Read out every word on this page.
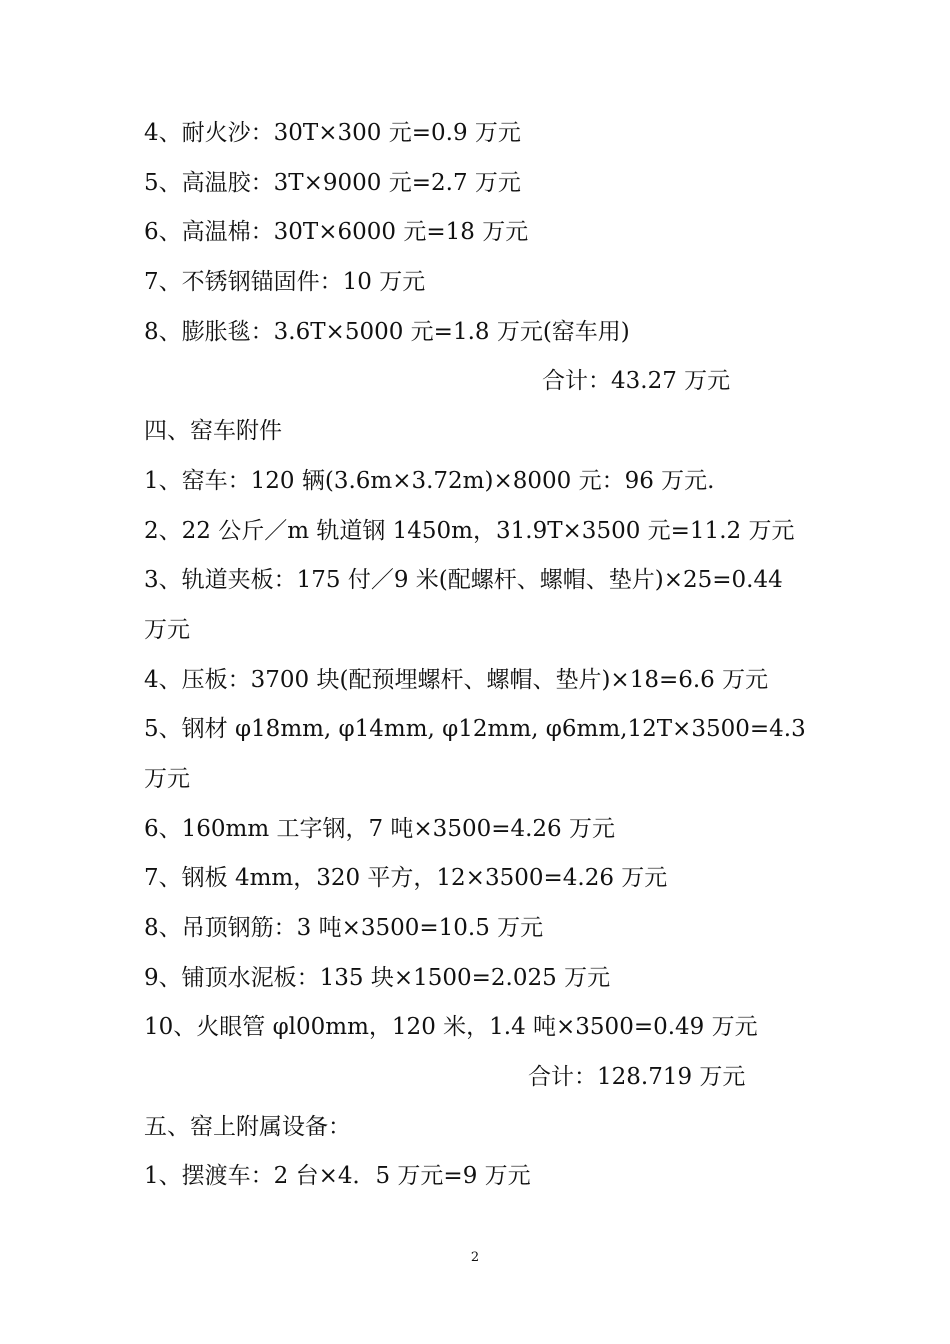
4、耐火沙：30T×300 元=0.9 万元
5、高温胶：3T×9000 元=2.7 万元
6、高温棉：30T×6000 元=18 万元
7、不锈钢锚固件：10 万元
8、膨胀毯：3.6T×5000 元=1.8 万元(窑车用)
合计：43.27 万元
四、窑车附件
1、窑车：120 辆(3.6m×3.72m)×8000 元：96 万元.
2、22 公斤／m 轨道钢 1450m，31.9T×3500 元=11.2 万元
3、轨道夹板：175 付／9 米(配螺杆、螺帽、垫片)×25=0.44
万元
4、压板：3700 块(配预埋螺杆、螺帽、垫片)×18=6.6 万元
5、钢材 φ18mm, φ14mm, φ12mm, φ6mm,12T×3500=4.3
万元
6、160mm 工字钢，7 吨×3500=4.26 万元
7、钢板 4mm，320 平方，12×3500=4.26 万元
8、吊顶钢筋：3 吨×3500=10.5 万元
9、铺顶水泥板：135 块×1500=2.025 万元
10、火眼管 φl00mm，120 米，1.4 吨×3500=0.49 万元
合计：128.719 万元
五、窑上附属设备：
1、摆渡车：2 台×4．5 万元=9 万元
2
